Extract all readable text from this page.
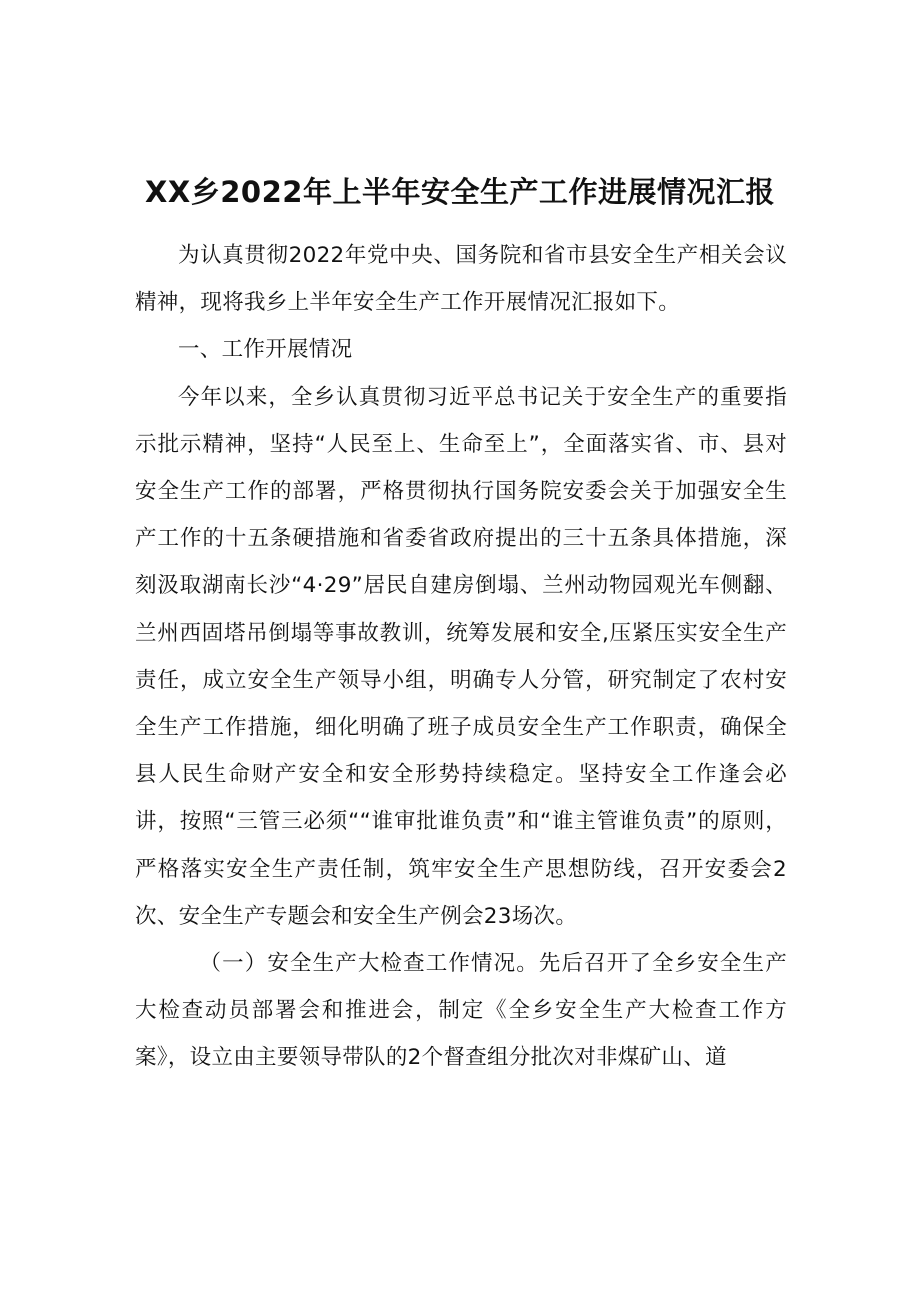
XX乡2022年上半年安全生产工作进展情况汇报

为认真贯彻2022年党中央、国务院和省市县安全生产相关会议精神，现将我乡上半年安全生产工作开展情况汇报如下。

一、工作开展情况

今年以来，全乡认真贯彻习近平总书记关于安全生产的重要指示批示精神，坚持“人民至上、生命至上”，全面落实省、市、县对安全生产工作的部署，严格贯彻执行国务院安委会关于加强安全生产工作的十五条硬措施和省委省政府提出的三十五条具体措施，深刻汲取湖南长沙“4·29”居民自建房倒塌、兰州动物园观光车侧翻、兰州西固塔吊倒塌等事故教训，统筹发展和安全,压紧压实安全生产责任，成立安全生产领导小组，明确专人分管，研究制定了农村安全生产工作措施，细化明确了班子成员安全生产工作职责，确保全县人民生命财产安全和安全形势持续稳定。坚持安全工作逢会必讲，按照“三管三必须““谁审批谁负责”和“谁主管谁负责”的原则，严格落实安全生产责任制，筑牢安全生产思想防线，召开安委会2次、安全生产专题会和安全生产例会23场次。

（一）安全生产大检查工作情况。先后召开了全乡安全生产大检查动员部署会和推进会，制定《全乡安全生产大检查工作方案》，设立由主要领导带队的2个督查组分批次对非煤矿山、道
